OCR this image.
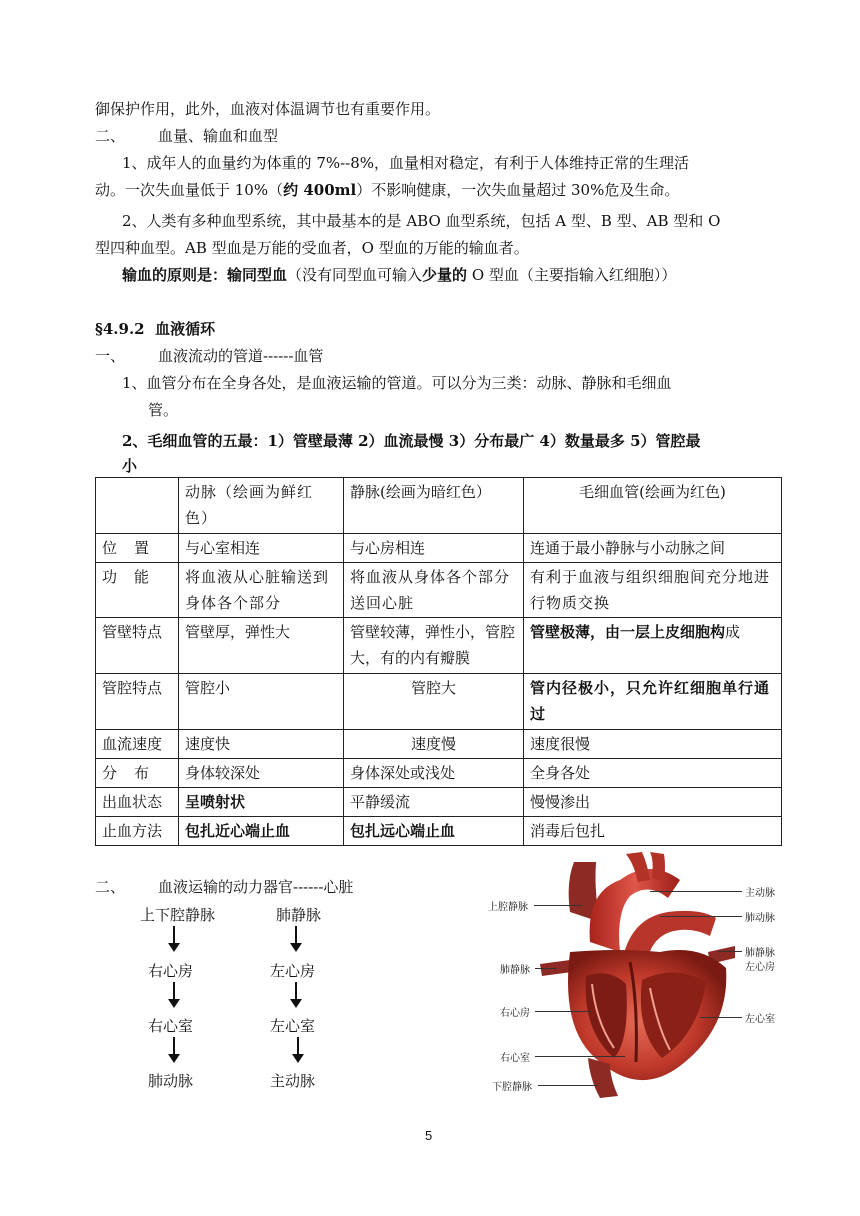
御保护作用，此外，血液对体温调节也有重要作用。
二、 血量、输血和血型
1、成年人的血量约为体重的 7%--8%，血量相对稳定，有利于人体维持正常的生理活
动。一次失血量低于 10%（约 400ml）不影响健康，一次失血量超过 30%危及生命。
2、人类有多种血型系统，其中最基本的是 ABO 血型系统，包括 A 型、B 型、AB 型和 O
型四种血型。AB 型血是万能的受血者，O 型血的万能的输血者。
输血的原则是：输同型血（没有同型血可输入少量的 O 型血（主要指输入红细胞））
§4.9.2 血液循环
一、 血液流动的管道------血管
1、血管分布在全身各处，是血液运输的管道。可以分为三类：动脉、静脉和毛细血
管。
2、毛细血管的五最：1）管壁最薄 2）血流最慢 3）分布最广 4）数量最多 5）管腔最
小
	动脉（绘画为鲜红色）	静脉(绘画为暗红色）	毛细血管(绘画为红色)
位　置	与心室相连	与心房相连	连通于最小静脉与小动脉之间
功　能	将血液从心脏输送到身体各个部分	将血液从身体各个部分送回心脏	有利于血液与组织细胞间充分地进行物质交换
管壁特点	管壁厚，弹性大	管壁较薄，弹性小，管腔大，有的内有瓣膜	管壁极薄，由一层上皮细胞构成
管腔特点	管腔小	管腔大	管内径极小，只允许红细胞单行通过
血流速度	速度快	速度慢	速度很慢
分　布	身体较深处	身体深处或浅处	全身各处
出血状态	呈喷射状	平静缓流	慢慢渗出
止血方法	包扎近心端止血	包扎远心端止血	消毒后包扎
二、 血液运输的动力器官------心脏
上下腔静脉
右心房
右心室
肺动脉
肺静脉
左心房
左心室
主动脉
主动脉
肺动脉
肺静脉
左心房
左心室
上腔静脉
肺静脉
右心房
右心室
下腔静脉
5
